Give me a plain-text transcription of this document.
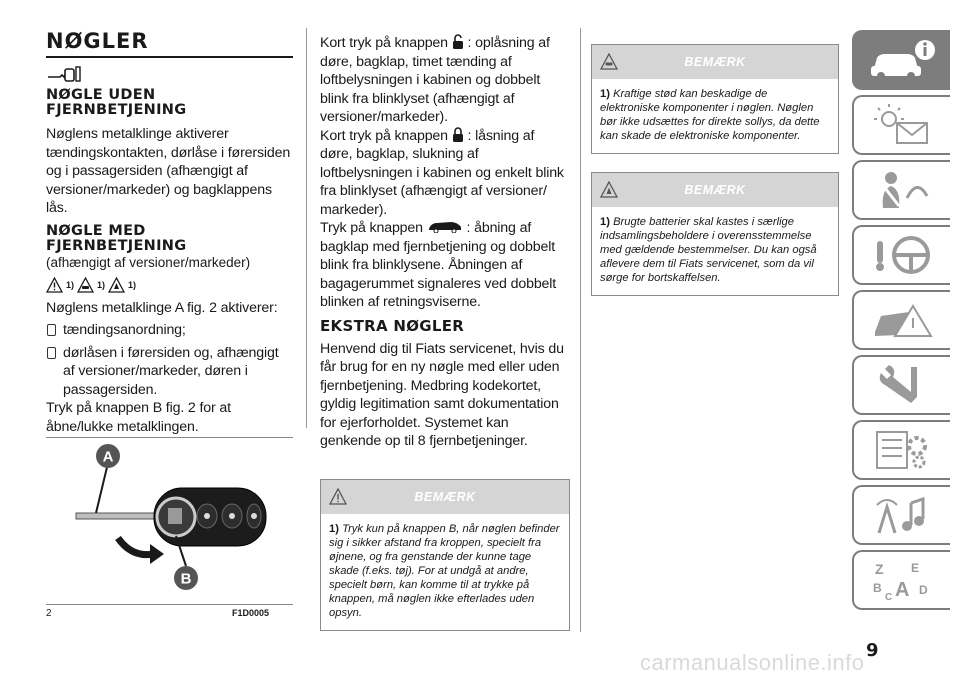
NØGLER
NØGLE UDEN
FJERNBETJENING
Nøglens metalklinge aktiverer tændingskontakten, dørlåse i førersiden og i passagersiden (afhængigt af versioner/markeder) og bagklappens lås.
NØGLE MED
FJERNBETJENING
(afhængigt af versioner/markeder)
1)	1)	1)
Nøglens metalklinge A fig. 2 aktiverer:
tændingsanordning;
dørlåsen i førersiden og, afhængigt af versioner/markeder, døren i passagersiden.
Tryk på knappen B fig. 2 for at åbne/lukke metalklingen.
A
B
2	F1D0005
Kort tryk på knappen : oplåsning af døre, bagklap, timet tænding af loftbelysningen i kabinen og dobbelt blink fra blinklyset (afhængigt af versioner/markeder).
Kort tryk på knappen : låsning af døre, bagklap, slukning af loftbelysningen i kabinen og enkelt blink fra blinklyset (afhængigt af versioner/ markeder).
Tryk på knappen	: åbning af bagklap med fjernbetjening og dobbelt blink fra blinklysene. Åbningen af bagagerummet signaleres ved dobbelt blinken af retningsviserne.
EKSTRA NØGLER
Henvend dig til Fiats servicenet, hvis du får brug for en ny nøgle med eller uden fjernbetjening. Medbring kodekortet, gyldig legitimation samt dokumentation for ejerforholdet. Systemet kan genkende op til 8 fjernbetjeninger.
BEMÆRK
1) Tryk kun på knappen B, når nøglen befinder sig i sikker afstand fra kroppen, specielt fra øjnene, og fra genstande der kunne tage skade (f.eks. tøj). For at undgå at andre, specielt børn, kan komme til at trykke på knappen, må nøglen ikke efterlades uden opsyn.
BEMÆRK
1) Kraftige stød kan beskadige de elektroniske komponenter i nøglen. Nøglen bør ikke udsættes for direkte sollys, da dette kan skade de elektroniske komponenter.
BEMÆRK
1) Brugte batterier skal kastes i særlige indsamlingsbeholdere i overensstemmelse med gældende bestemmelser. Du kan også aflevere dem til Fiats servicenet, som da vil sørge for bortskaffelsen.
Z E
B A D
C
9
carmanualsonline.info
